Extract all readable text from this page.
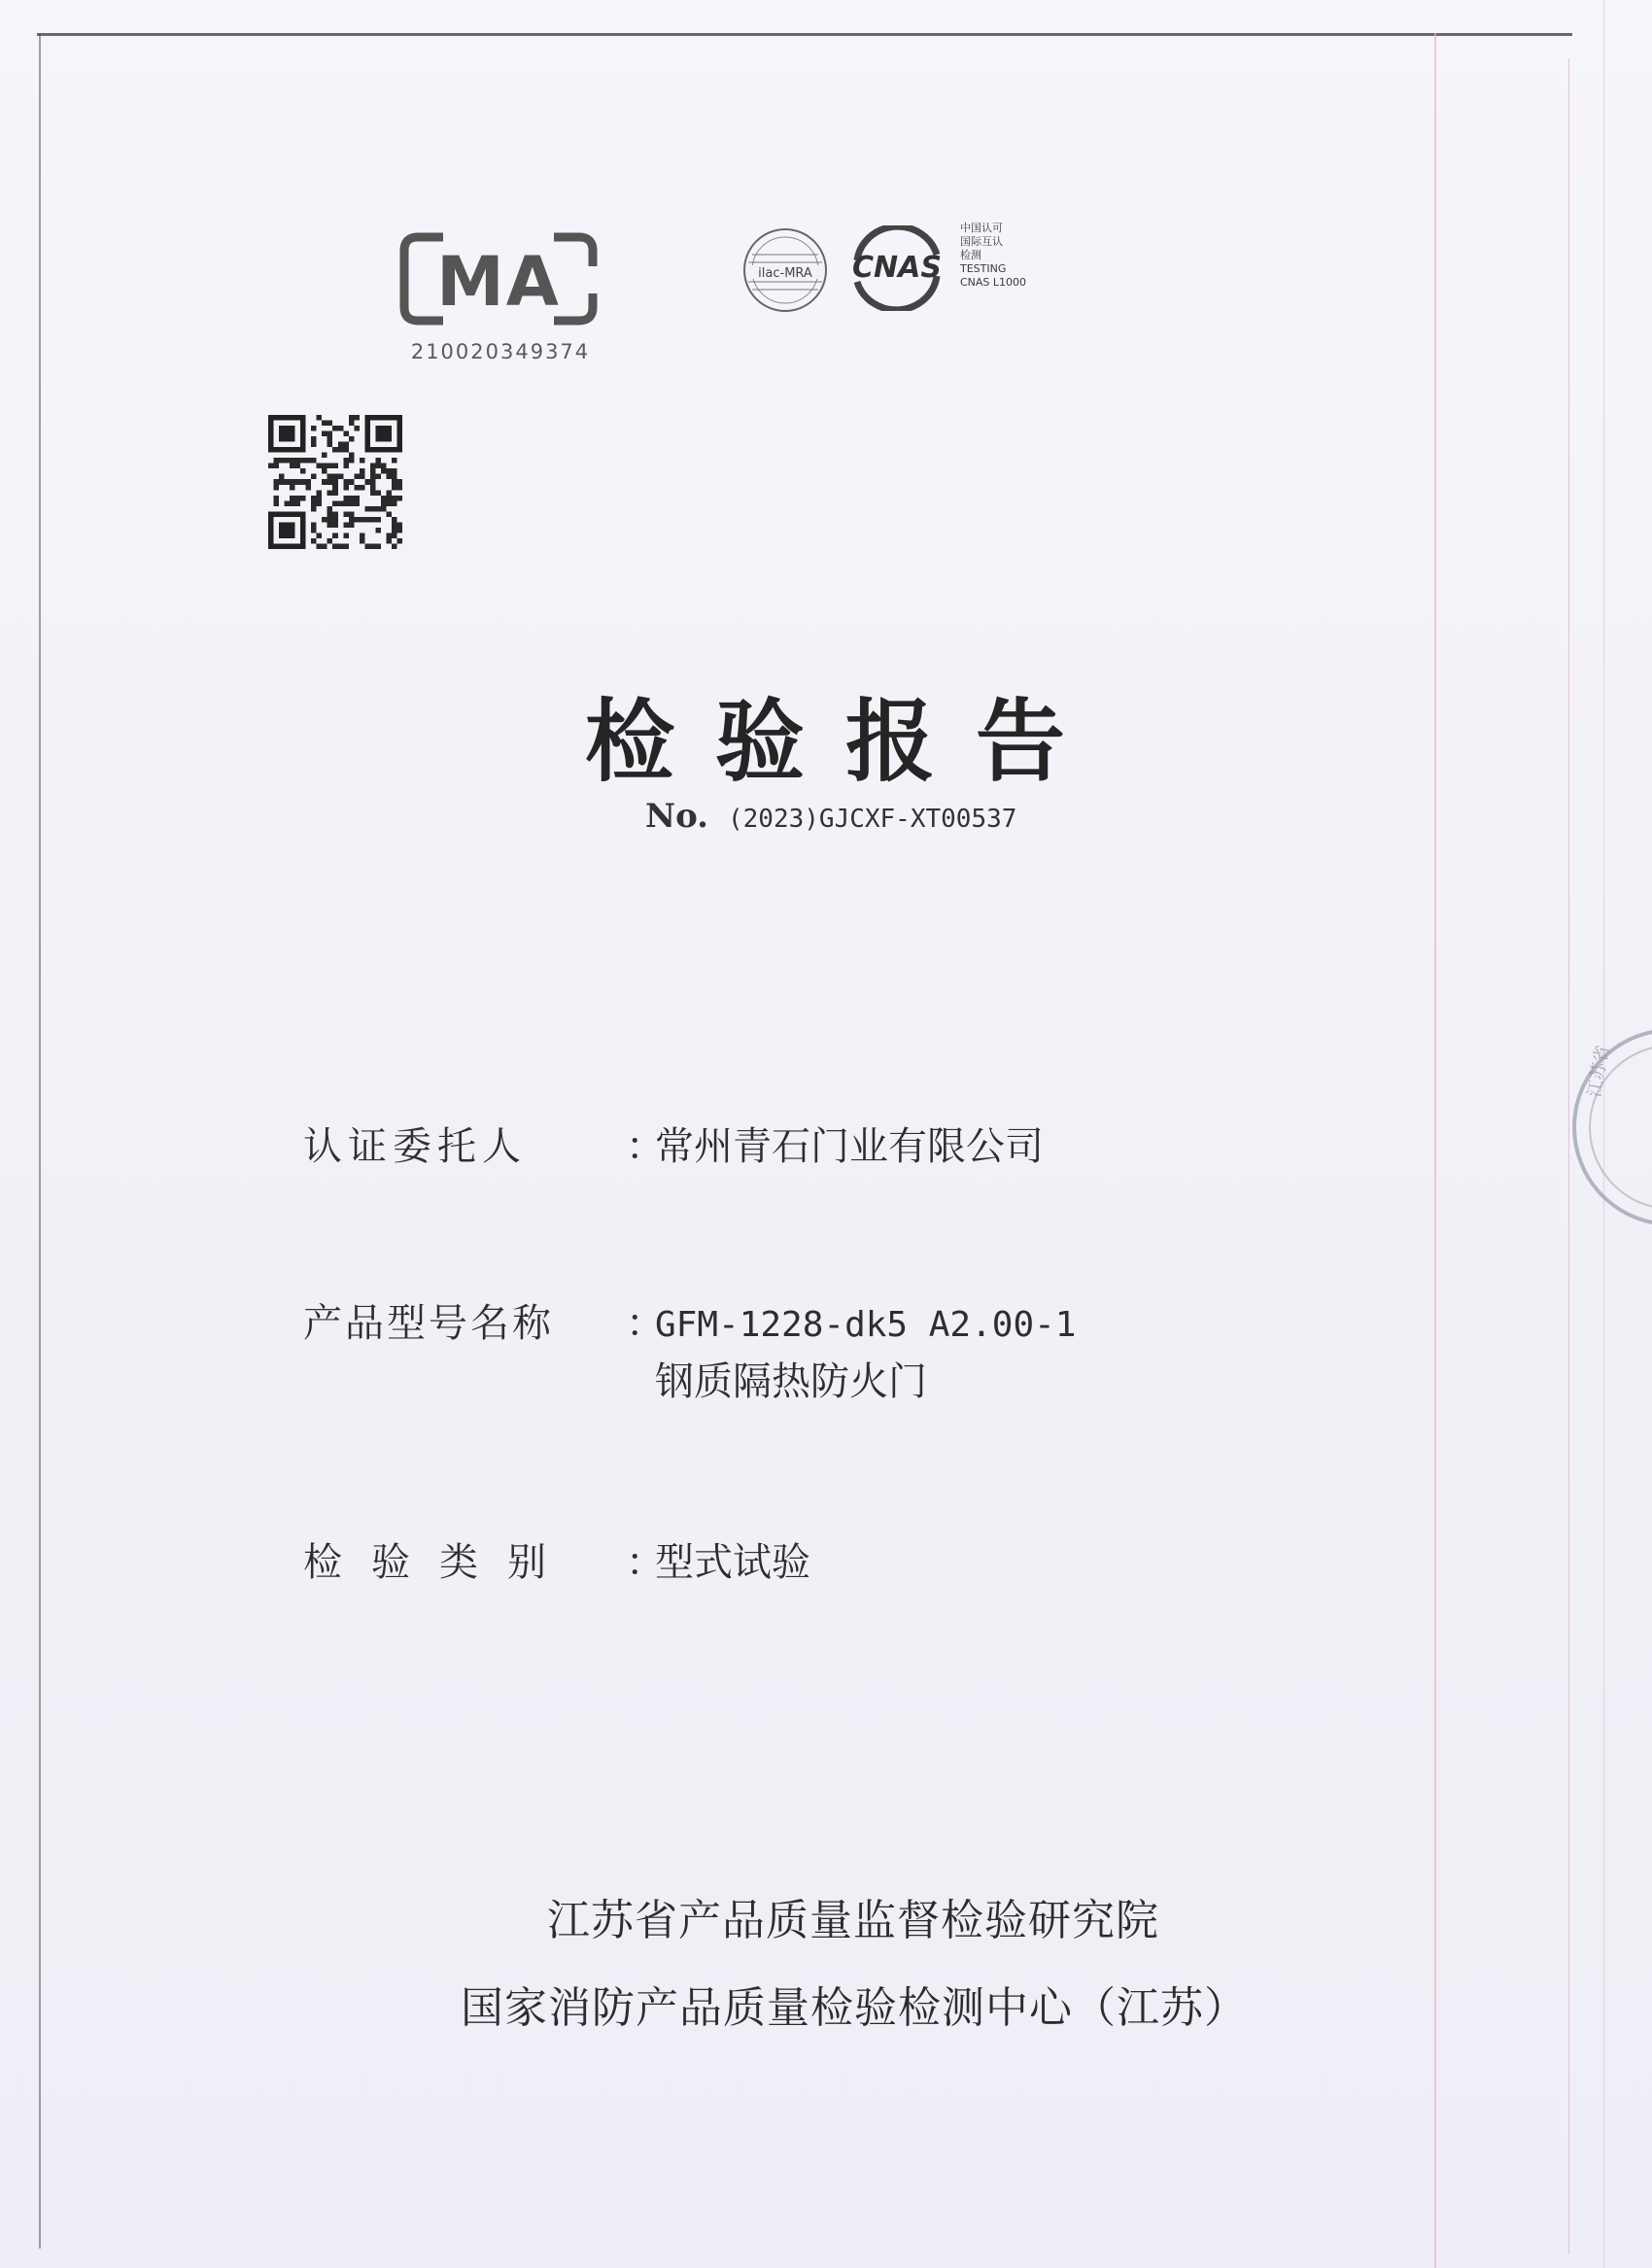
MA
210020349374
ilac-MRA CNAS
中国认可
国际互认
检测
TESTING
CNAS L1000
检验报告
No. (2023)GJCXF-XT00537
认证委托人	：常州青石门业有限公司
产品型号名称 ：GFM-1228-dk5 A2.00-1
钢质隔热防火门
检验类别 ：型式试验
江苏省产品质量监督检验研究院
国家消防产品质量检验检测中心（江苏）
江苏省
